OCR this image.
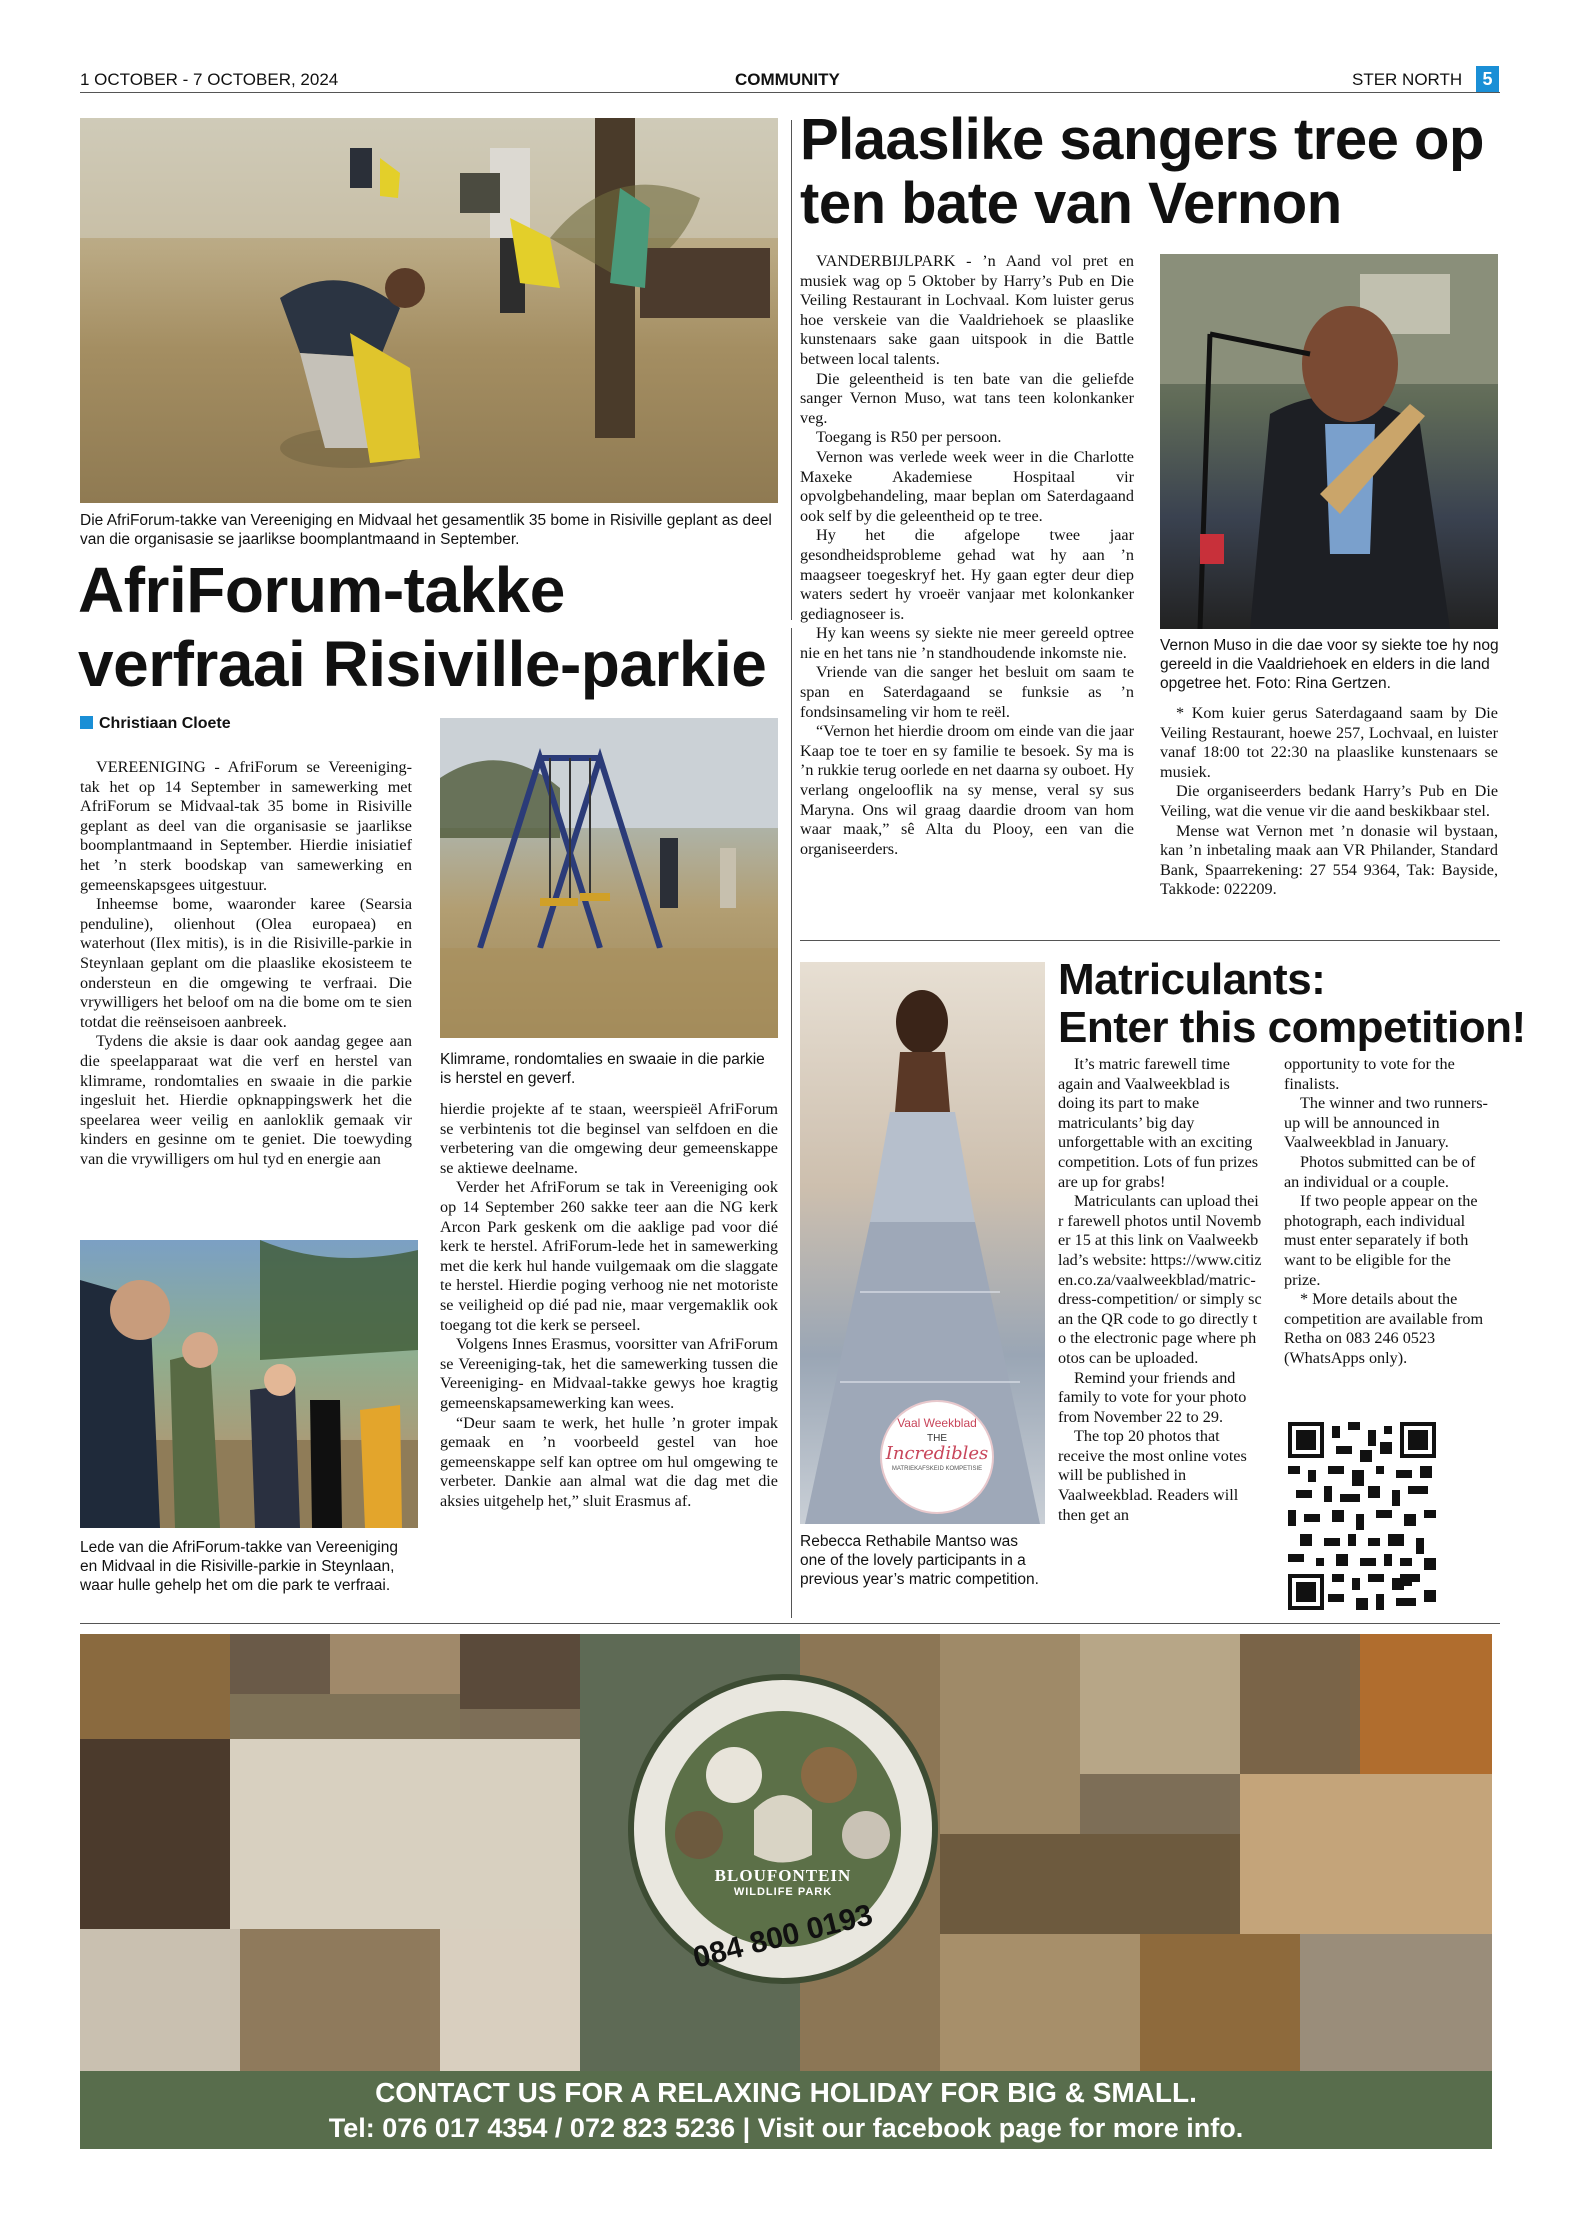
1 OCTOBER - 7 OCTOBER, 2024	COMMUNITY	STER NORTH	5
Die AfriForum-takke van Vereeniging en Midvaal het gesamentlik 35 bome in Risiville geplant as deel van die organisasie se jaarlikse boomplantmaand in September.
AfriForum-takke
verfraai Risiville-parkie
Christiaan Cloete

VEREENIGING - AfriForum se Vereeniging-tak het op 14 September in samewerking met AfriForum se Midvaal-tak 35 bome in Risiville geplant as deel van die organisasie se jaarlikse boomplantmaand in September. Hierdie inisiatief het ’n sterk boodskap van samewerking en gemeenskapsgees uitgestuur.

Inheemse bome, waaronder karee (Searsia penduline), olienhout (Olea europaea) en waterhout (Ilex mitis), is in die Risiville-parkie in Steynlaan geplant om die plaaslike ekosisteem te ondersteun en die omgewing te verfraai. Die vrywilligers het beloof om na die bome om te sien totdat die reënseisoen aanbreek.

Tydens die aksie is daar ook aandag gegee aan die speelapparaat wat die verf en herstel van klimrame, rondomtalies en swaaie in die parkie ingesluit het. Hierdie opknappingswerk het die speelarea weer veilig en aanloklik gemaak vir kinders en gesinne om te geniet. Die toewyding van die vrywilligers om hul tyd en energie aan

Klimrame, rondomtalies en swaaie in die parkie is herstel en geverf.

hierdie projekte af te staan, weerspieël AfriForum se verbintenis tot die beginsel van selfdoen en die verbetering van die omgewing deur gemeenskappe se aktiewe deelname.

Verder het AfriForum se tak in Vereeniging ook op 14 September 260 sakke teer aan die NG kerk Arcon Park geskenk om die aaklige pad voor dié kerk te herstel. AfriForum-lede het in samewerking met die kerk hul hande vuilgemaak om die slaggate te herstel. Hierdie poging verhoog nie net motoriste se veiligheid op dié pad nie, maar vergemaklik ook toegang tot die kerk se perseel.

Volgens Innes Erasmus, voorsitter van AfriForum se Vereeniging-tak, het die samewerking tussen die Vereeniging- en Midvaal-takke gewys hoe kragtig gemeenskapsamewerking kan wees.

“Deur saam te werk, het hulle ’n groter impak gemaak en ’n voorbeeld gestel van hoe gemeenskappe self kan optree om hul omgewing te verbeter. Dankie aan almal wat die dag met die aksies uitgehelp het,” sluit Erasmus af.

Lede van die AfriForum-takke van Vereeniging en Midvaal in die Risiville-parkie in Steynlaan, waar hulle gehelp het om die park te verfraai.
Plaaslike sangers tree op
ten bate van Vernon

VANDERBIJLPARK - ’n Aand vol pret en musiek wag op 5 Oktober by Harry’s Pub en Die Veiling Restaurant in Lochvaal. Kom luister gerus hoe verskeie van die Vaaldriehoek se plaaslike kunstenaars sake gaan uitspook in die Battle between local talents.

Die geleentheid is ten bate van die geliefde sanger Vernon Muso, wat tans teen kolonkanker veg.

Toegang is R50 per persoon.

Vernon was verlede week weer in die Charlotte Maxeke Akademiese Hospitaal vir opvolgbehandeling, maar beplan om Saterdagaand ook self by die geleentheid op te tree.

Hy het die afgelope twee jaar gesondheidsprobleme gehad wat hy aan ’n maagseer toegeskryf het. Hy gaan egter deur diep waters sedert hy vroeër vanjaar met kolonkanker gediagnoseer is.

Hy kan weens sy siekte nie meer gereeld optree nie en het tans nie ’n standhoudende inkomste nie.

Vriende van die sanger het besluit om saam te span en Saterdagaand se funksie as ’n fondsinsameling vir hom te reël.

“Vernon het hierdie droom om einde van die jaar Kaap toe te toer en sy familie te besoek. Sy ma is ’n rukkie terug oorlede en net daarna sy ouboet. Hy verlang ongelooflik na sy mense, veral sy sus Maryna. Ons wil graag daardie droom van hom waar maak,” sê Alta du Plooy, een van die organiseerders.

Vernon Muso in die dae voor sy siekte toe hy nog gereeld in die Vaaldriehoek en elders in die land opgetree het. Foto: Rina Gertzen.

* Kom kuier gerus Saterdagaand saam by Die Veiling Restaurant, hoewe 257, Lochvaal, en luister vanaf 18:00 tot 22:30 na plaaslike kunstenaars se musiek.

Die organiseerders bedank Harry’s Pub en Die Veiling, wat die venue vir die aand beskikbaar stel.

Mense wat Vernon met ’n donasie wil bystaan, kan ’n inbetaling maak aan VR Philander, Standard Bank, Spaarrekening: 27 554 9364, Tak: Bayside, Takkode: 022209.

Vaal Weekblad
THE
Incredibles
MATRIEKAFSKEID KOMPETISIE
Rebecca Rethabile Mantso was one of the lovely participants in a previous year’s matric competition.
Matriculants:
Enter this competition!

It’s matric farewell time again and Vaalweekblad is doing its part to make matriculants’ big day unforgettable with an exciting competition. Lots of fun prizes are up for grabs!

Matriculants can upload their farewell photos until November 15 at this link on Vaalweekblad’s website: https://www.citizen.co.za/vaalweekblad/matric-dress-competition/ or simply scan the QR code to go directly to the electronic page where photos can be uploaded.

Remind your friends and family to vote for your photo from November 22 to 29.

The top 20 photos that receive the most online votes will be published in Vaalweekblad. Readers will then get an

opportunity to vote for the finalists.

The winner and two runners-up will be announced in Vaalweekblad in January.

Photos submitted can be of an individual or a couple.

If two people appear on the photograph, each individual must enter separately if both want to be eligible for the prize.

* More details about the competition are available from Retha on 083 246 0523 (WhatsApps only).

BLOUFONTEIN
WILDLIFE PARK
084 800 0193
CONTACT US FOR A RELAXING HOLIDAY FOR BIG & SMALL.
Tel: 076 017 4354 / 072 823 5236 | Visit our facebook page for more info.
